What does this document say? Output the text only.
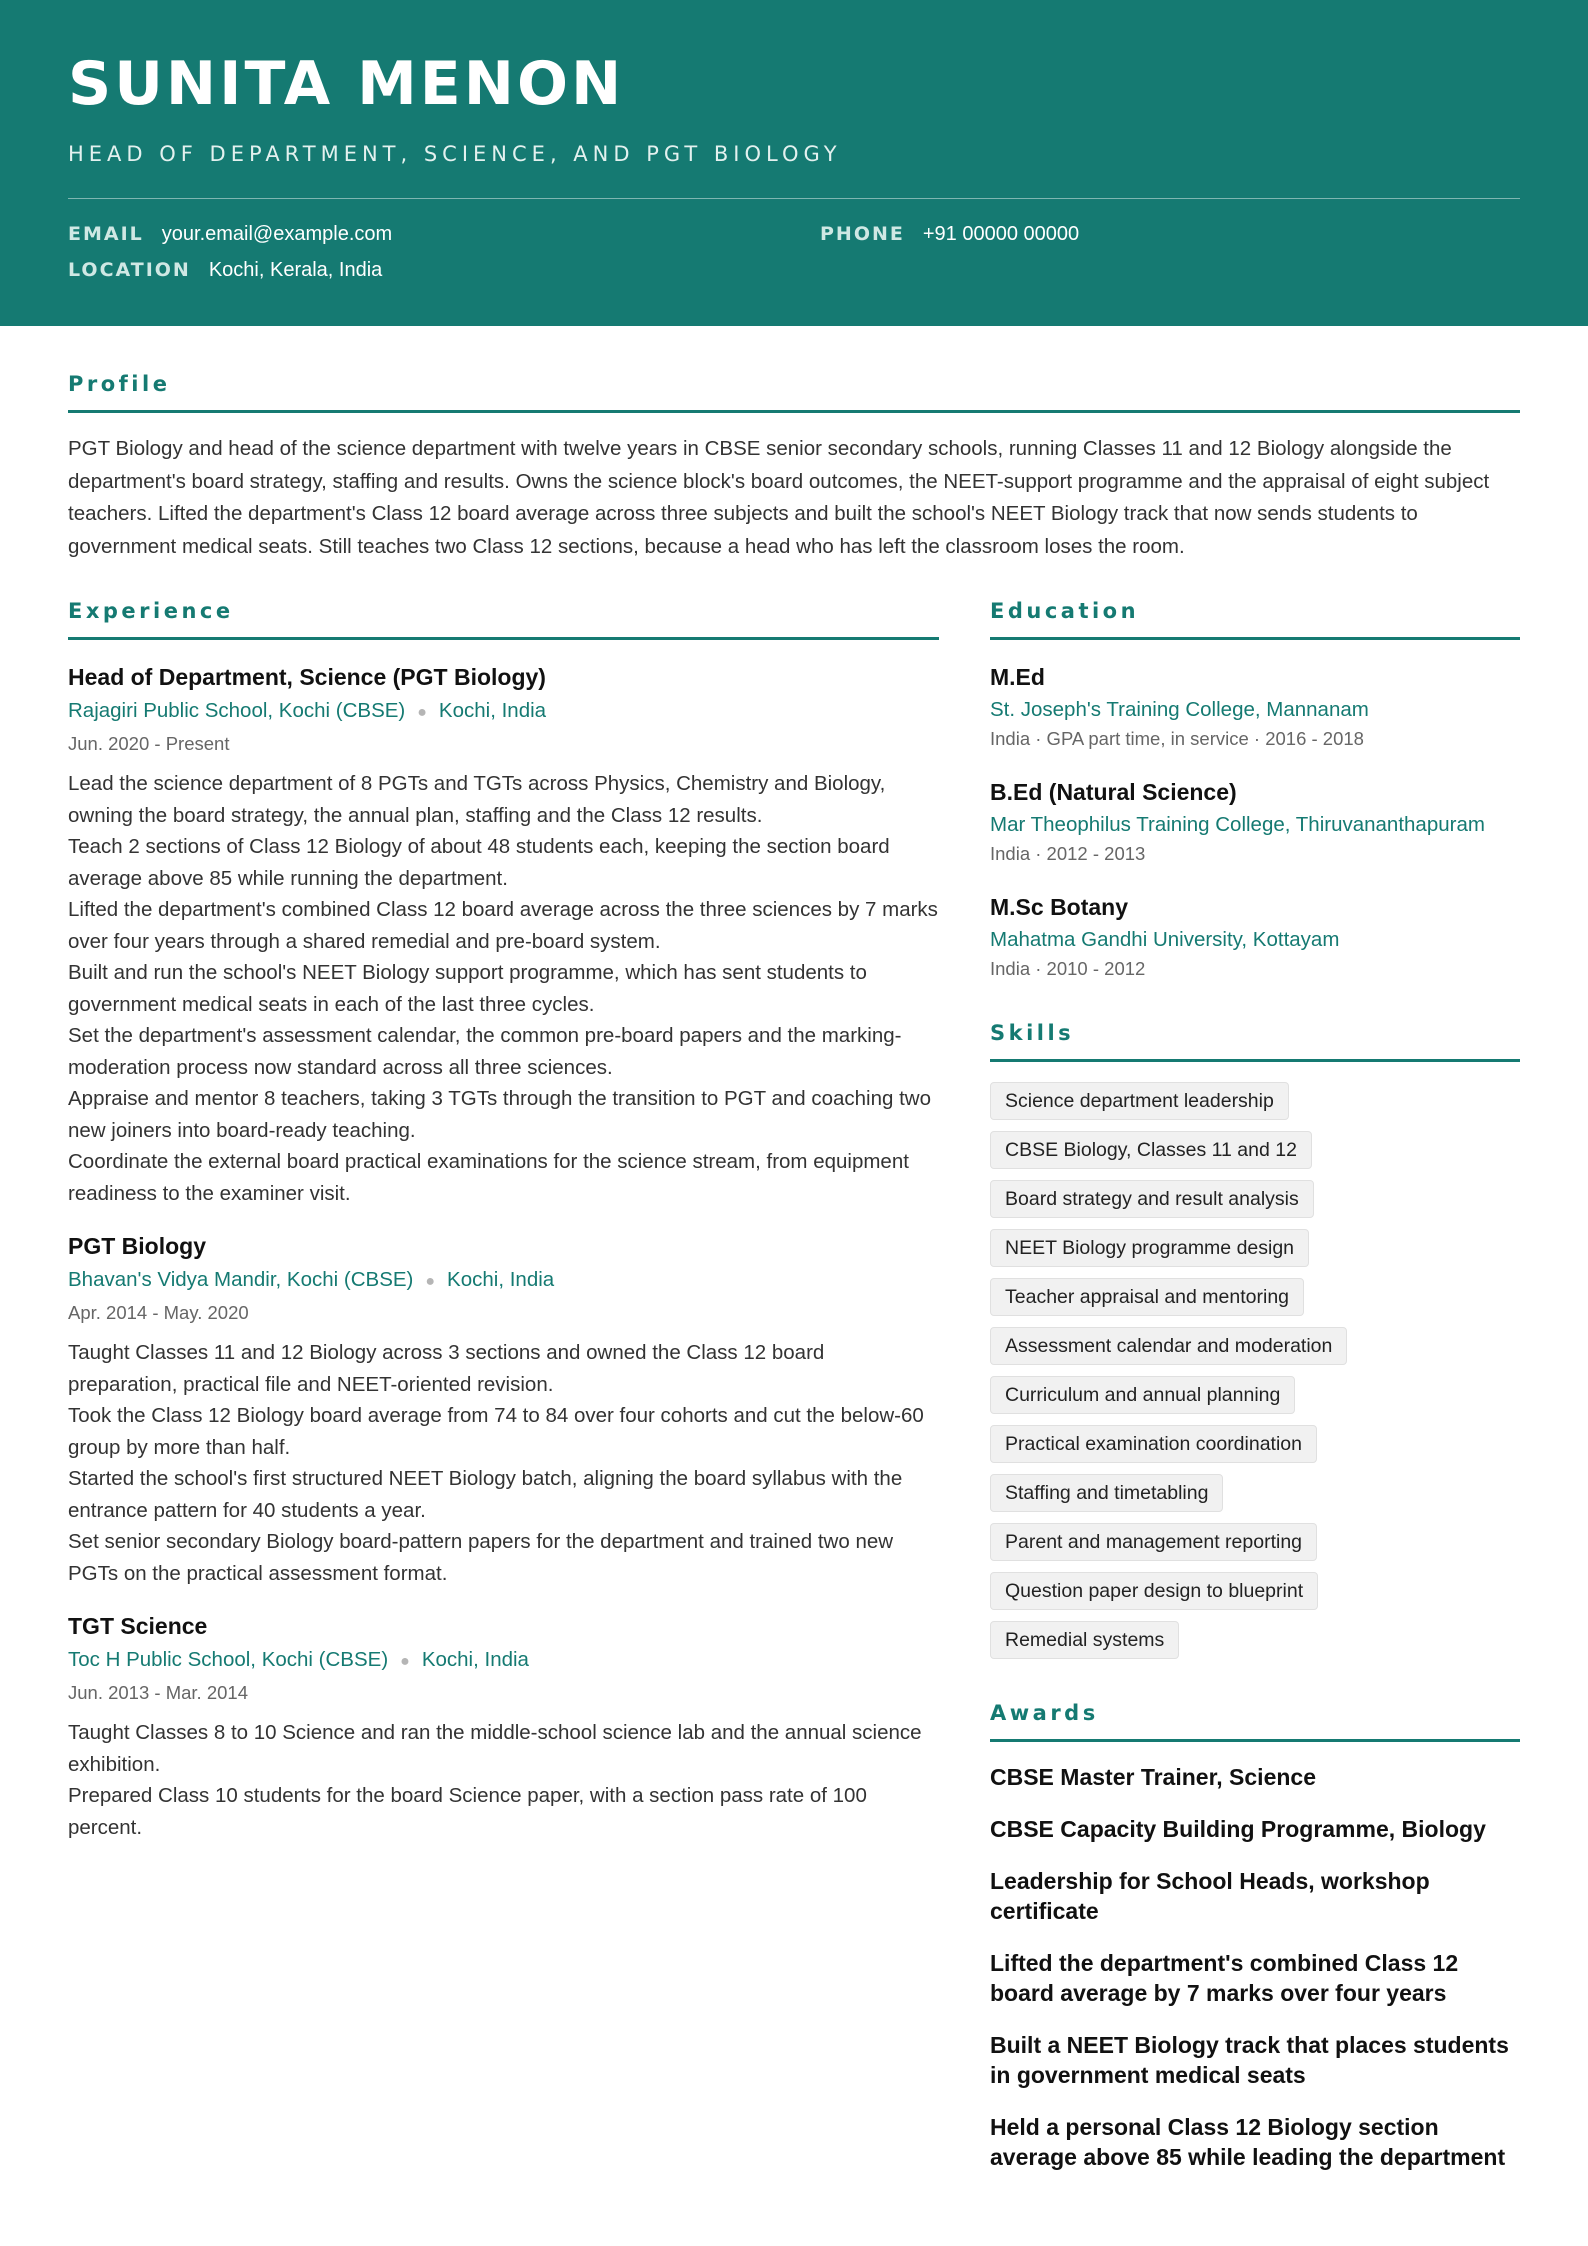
SUNITA MENON
HEAD OF DEPARTMENT, SCIENCE, AND PGT BIOLOGY
EMAIL your.email@example.com	PHONE +91 00000 00000
LOCATION Kochi, Kerala, India
Profile

PGT Biology and head of the science department with twelve years in CBSE senior secondary schools, running Classes 11 and 12 Biology alongside the department's board strategy, staffing and results. Owns the science block's board outcomes, the NEET-support programme and the appraisal of eight subject teachers. Lifted the department's Class 12 board average across three subjects and built the school's NEET Biology track that now sends students to government medical seats. Still teaches two Class 12 sections, because a head who has left the classroom loses the room.

Experience
Head of Department, Science (PGT Biology)
Rajagiri Public School, Kochi (CBSE) ● Kochi, India
Jun. 2020 - Present
Lead the science department of 8 PGTs and TGTs across Physics, Chemistry and Biology, owning the board strategy, the annual plan, staffing and the Class 12 results.
Teach 2 sections of Class 12 Biology of about 48 students each, keeping the section board average above 85 while running the department.
Lifted the department's combined Class 12 board average across the three sciences by 7 marks over four years through a shared remedial and pre-board system.
Built and run the school's NEET Biology support programme, which has sent students to government medical seats in each of the last three cycles.
Set the department's assessment calendar, the common pre-board papers and the marking-moderation process now standard across all three sciences.
Appraise and mentor 8 teachers, taking 3 TGTs through the transition to PGT and coaching two new joiners into board-ready teaching.
Coordinate the external board practical examinations for the science stream, from equipment readiness to the examiner visit.
PGT Biology
Bhavan's Vidya Mandir, Kochi (CBSE) ● Kochi, India
Apr. 2014 - May. 2020
Taught Classes 11 and 12 Biology across 3 sections and owned the Class 12 board preparation, practical file and NEET-oriented revision.
Took the Class 12 Biology board average from 74 to 84 over four cohorts and cut the below-60 group by more than half.
Started the school's first structured NEET Biology batch, aligning the board syllabus with the entrance pattern for 40 students a year.
Set senior secondary Biology board-pattern papers for the department and trained two new PGTs on the practical assessment format.
TGT Science
Toc H Public School, Kochi (CBSE) ● Kochi, India
Jun. 2013 - Mar. 2014
Taught Classes 8 to 10 Science and ran the middle-school science lab and the annual science exhibition.
Prepared Class 10 students for the board Science paper, with a section pass rate of 100 percent.
Education
M.Ed
St. Joseph's Training College, Mannanam
India · GPA part time, in service · 2016 - 2018
B.Ed (Natural Science)
Mar Theophilus Training College, Thiruvananthapuram
India · 2012 - 2013
M.Sc Botany
Mahatma Gandhi University, Kottayam
India · 2010 - 2012
Skills
Science department leadership
CBSE Biology, Classes 11 and 12
Board strategy and result analysis
NEET Biology programme design
Teacher appraisal and mentoring
Assessment calendar and moderation
Curriculum and annual planning
Practical examination coordination
Staffing and timetabling
Parent and management reporting
Question paper design to blueprint
Remedial systems
Awards
CBSE Master Trainer, Science
CBSE Capacity Building Programme, Biology
Leadership for School Heads, workshop certificate
Lifted the department's combined Class 12 board average by 7 marks over four years
Built a NEET Biology track that places students in government medical seats
Held a personal Class 12 Biology section average above 85 while leading the department
